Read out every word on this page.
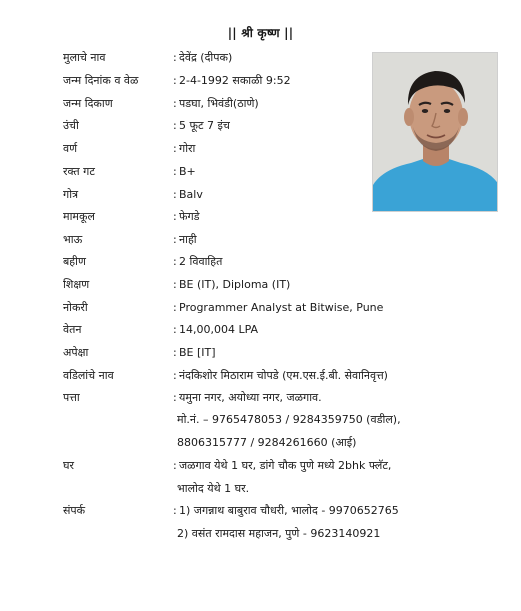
|| श्री कृष्ण ||
मुलाचे नाव	: देवेंद्र (दीपक)
जन्म दिनांक व वेळ	: 2-4-1992 सकाळी 9:52
जन्म दिकाण	: पडघा, भिवंडी(ठाणे)
उंची	: 5 फूट 7 इंच
वर्ण	: गोरा
रक्त गट	: B+
गोत्र	: Balv
मामकूल	: फेगडे
भाऊ	: नाही
बहीण	: 2 विवाहित
शिक्षण	: BE (IT), Diploma (IT)
नोकरी	: Programmer Analyst at Bitwise, Pune
वेतन	: 14,00,004 LPA
अपेक्षा	: BE [IT]
वडिलांचे नाव	: नंदकिशोर मिठाराम चोपडे (एम.एस.ई.बी. सेवानिवृत्त)
पत्ता	: यमुना नगर, अयोध्या नगर, जळगाव.
मो.नं. – 9765478053 / 9284359750 (वडील),
8806315777 / 9284261660 (आई)
घर	: जळगाव येथे 1 घर, डांगे चौक पुणे मध्ये 2bhk फ्लॅट,
भालोद येथे 1 घर.
संपर्क	: 1) जगन्नाथ बाबुराव चौधरी, भालोद - 9970652765
2) वसंत रामदास महाजन, पुणे - 9623140921
